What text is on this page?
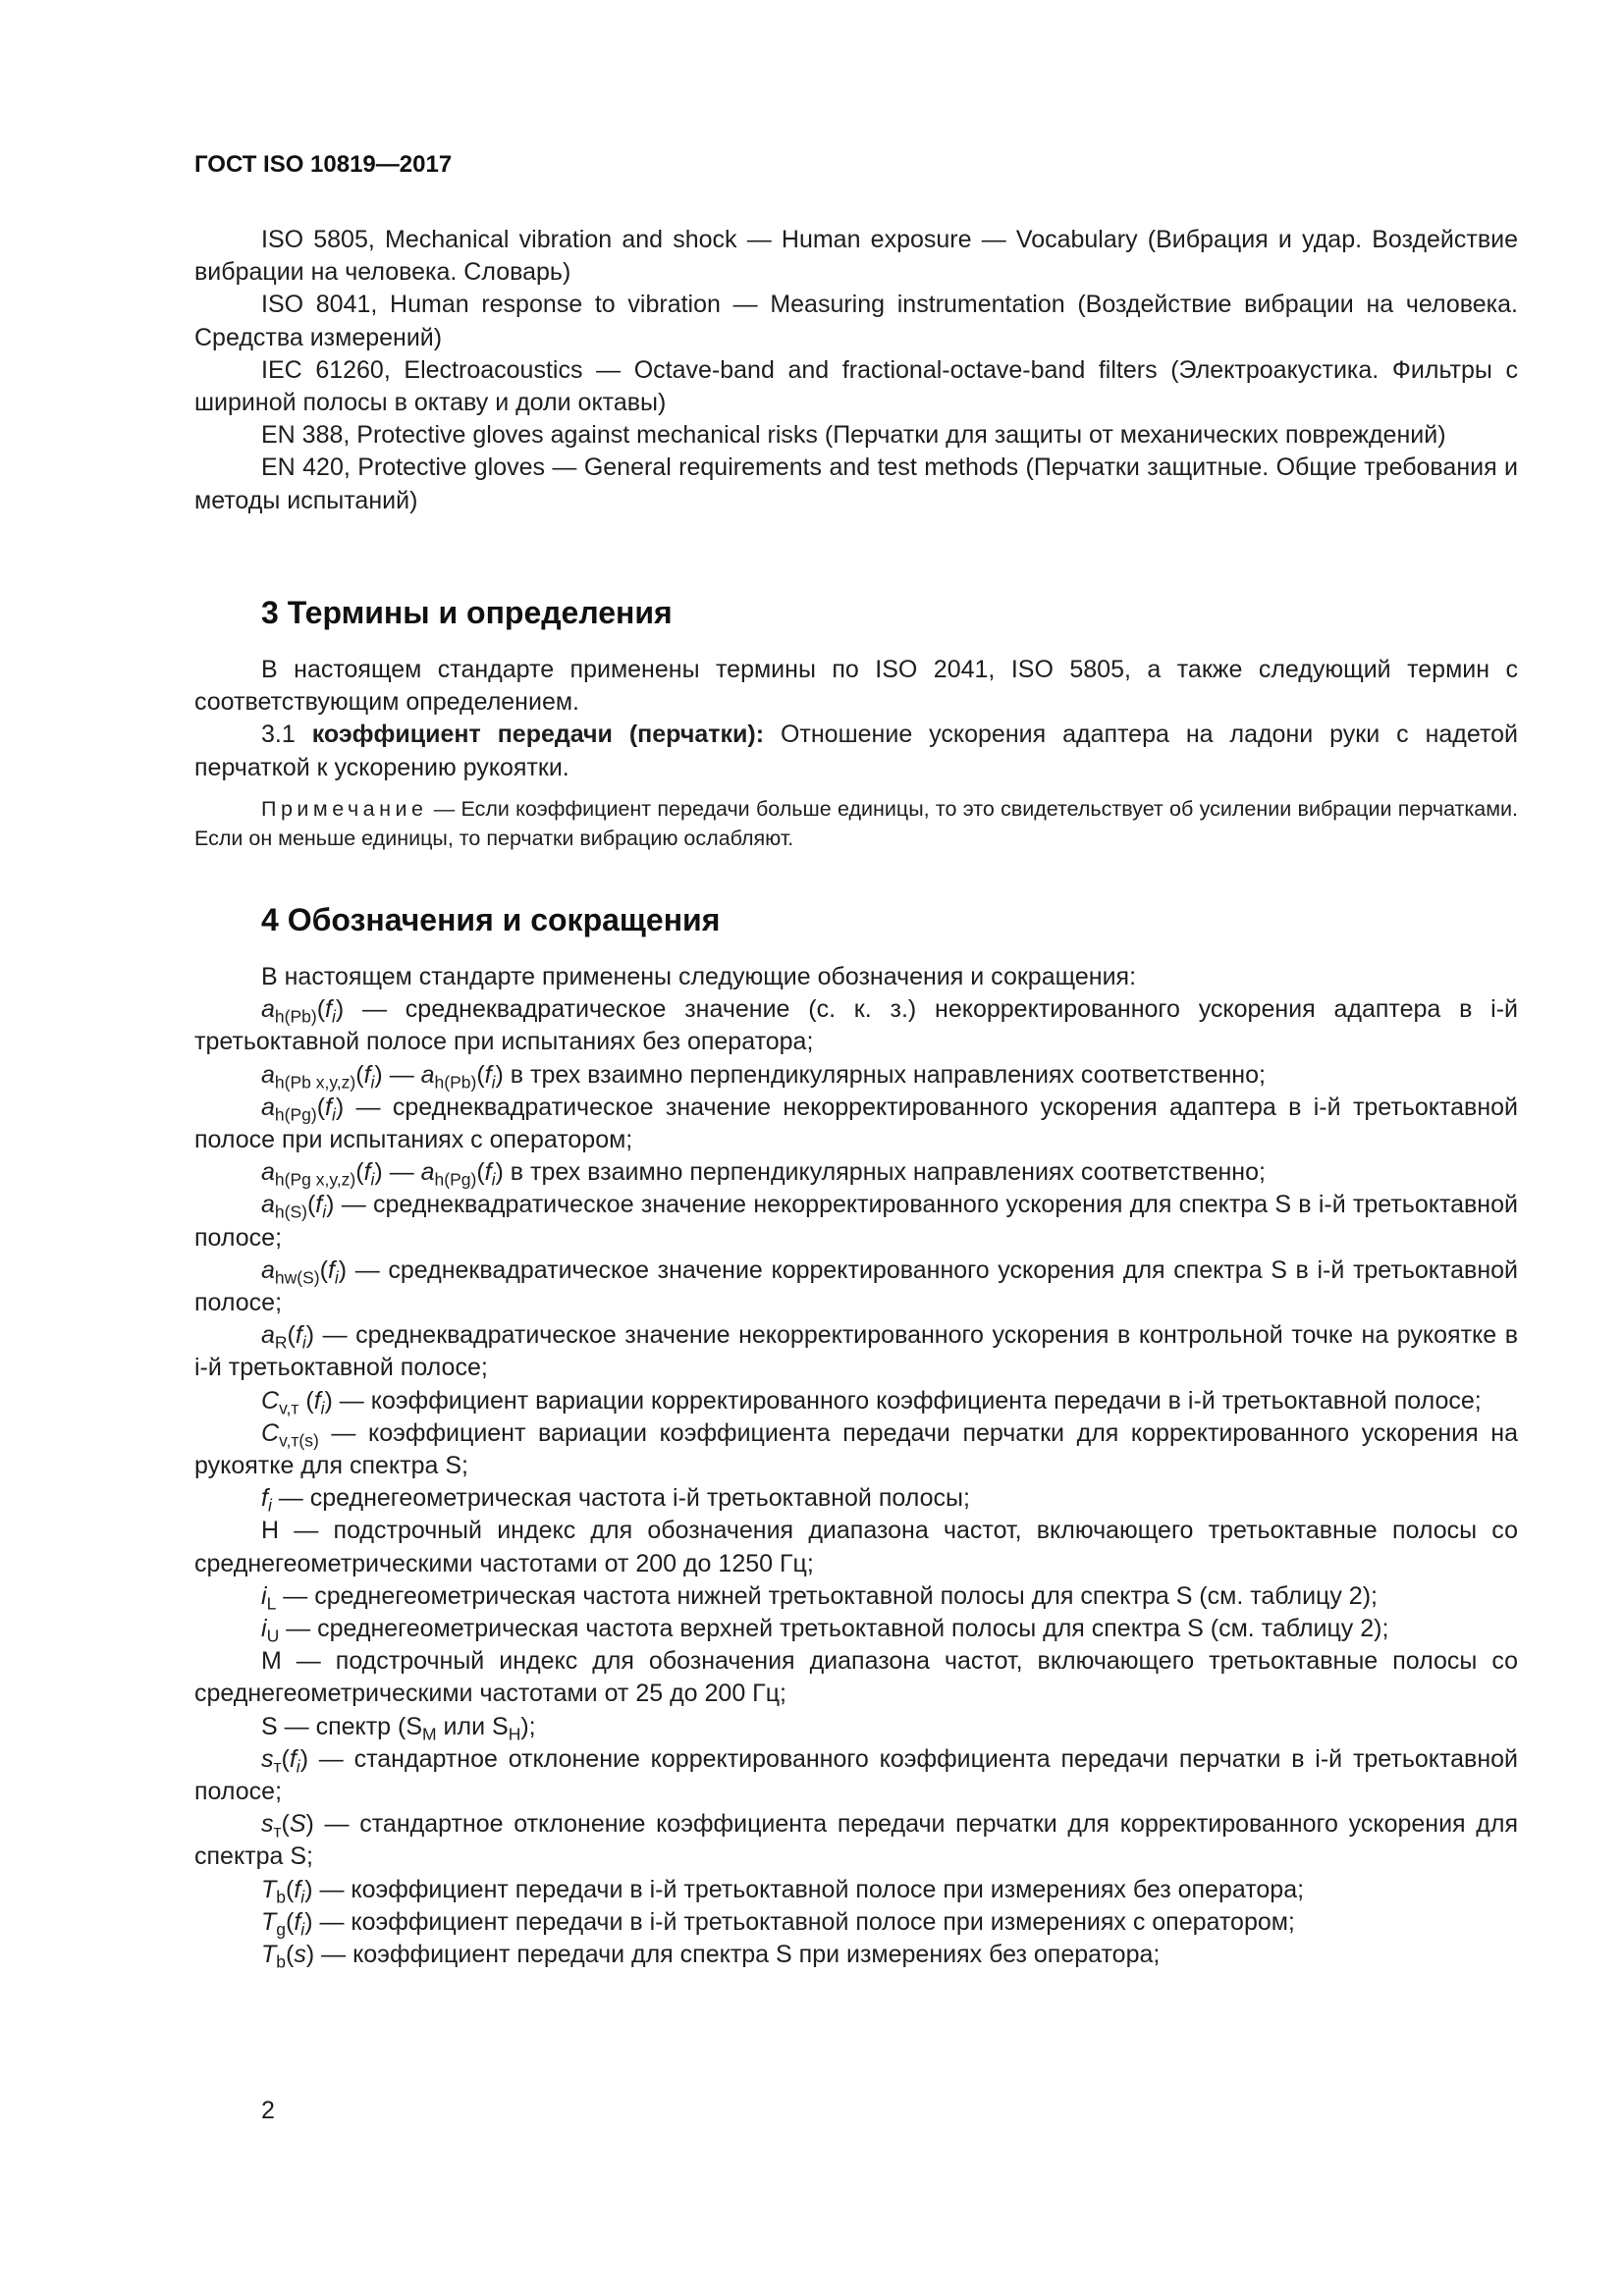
ГОСТ ISO 10819—2017

ISO 5805, Mechanical vibration and shock — Human exposure — Vocabulary (Вибрация и удар. Воздействие вибрации на человека. Словарь)

ISO 8041, Human response to vibration — Measuring instrumentation (Воздействие вибрации на человека. Средства измерений)

IEC 61260, Electroacoustics — Octave-band and fractional-octave-band filters (Электроакустика. Фильтры с шириной полосы в октаву и доли октавы)

EN 388, Protective gloves against mechanical risks (Перчатки для защиты от механических повреждений)

EN 420, Protective gloves — General requirements and test methods (Перчатки защитные. Общие требования и методы испытаний)

3 Термины и определения

В настоящем стандарте применены термины по ISO 2041, ISO 5805, а также следующий термин с соответствующим определением.

3.1 коэффициент передачи (перчатки): Отношение ускорения адаптера на ладони руки с надетой перчаткой к ускорению рукоятки.

Примечание — Если коэффициент передачи больше единицы, то это свидетельствует об усилении вибрации перчатками. Если он меньше единицы, то перчатки вибрацию ослабляют.

4 Обозначения и сокращения

В настоящем стандарте применены следующие обозначения и сокращения:

$a_{h(Pb)}(f_i)$ — среднеквадратическое значение (с. к. з.) некорректированного ускорения адаптера в i-й третьоктавной полосе при испытаниях без оператора;

$a_{h(Pb x,y,z)}(f_i)$ — $a_{h(Pb)}(f_i)$ в трех взаимно перпендикулярных направлениях соответственно;

$a_{h(Pg)}(f_i)$ — среднеквадратическое значение некорректированного ускорения адаптера в i-й третьоктавной полосе при испытаниях с оператором;

$a_{h(Pg x,y,z)}(f_i)$ — $a_{h(Pg)}(f_i)$ в трех взаимно перпендикулярных направлениях соответственно;

$a_{h(S)}(f_i)$ — среднеквадратическое значение некорректированного ускорения для спектра S в i-й третьоктавной полосе;

$a_{hw(S)}(f_i)$ — среднеквадратическое значение корректированного ускорения для спектра S в i-й третьоктавной полосе;

$a_R(f_i)$ — среднеквадратическое значение некорректированного ускорения в контрольной точке на рукоятке в i-й третьоктавной полосе;

$C_{v,т}$ $(f_i)$ — коэффициент вариации корректированного коэффициента передачи в i-й третьоктавной полосе;

$C_{v,т(s)}$ — коэффициент вариации коэффициента передачи перчатки для корректированного ускорения на рукоятке для спектра S;

$f_i$ — среднегеометрическая частота i-й третьоктавной полосы;

Н — подстрочный индекс для обозначения диапазона частот, включающего третьоктавные полосы со среднегеометрическими частотами от 200 до 1250 Гц;

$i_L$ — среднегеометрическая частота нижней третьоктавной полосы для спектра S (см. таблицу 2);

$i_U$ — среднегеометрическая частота верхней третьоктавной полосы для спектра S (см. таблицу 2);

М — подстрочный индекс для обозначения диапазона частот, включающего третьоктавные полосы со среднегеометрическими частотами от 25 до 200 Гц;

S — спектр ($S_М$ или $S_Н$);

$s_т(f_i)$ — стандартное отклонение корректированного коэффициента передачи перчатки в i-й третьоктавной полосе;

$s_т(S)$ — стандартное отклонение коэффициента передачи перчатки для корректированного ускорения для спектра S;

$T_b(f_i)$ — коэффициент передачи в i-й третьоктавной полосе при измерениях без оператора;

$T_g(f_i)$ — коэффициент передачи в i-й третьоктавной полосе при измерениях с оператором;

$T_b(s)$ — коэффициент передачи для спектра S при измерениях без оператора;

2
